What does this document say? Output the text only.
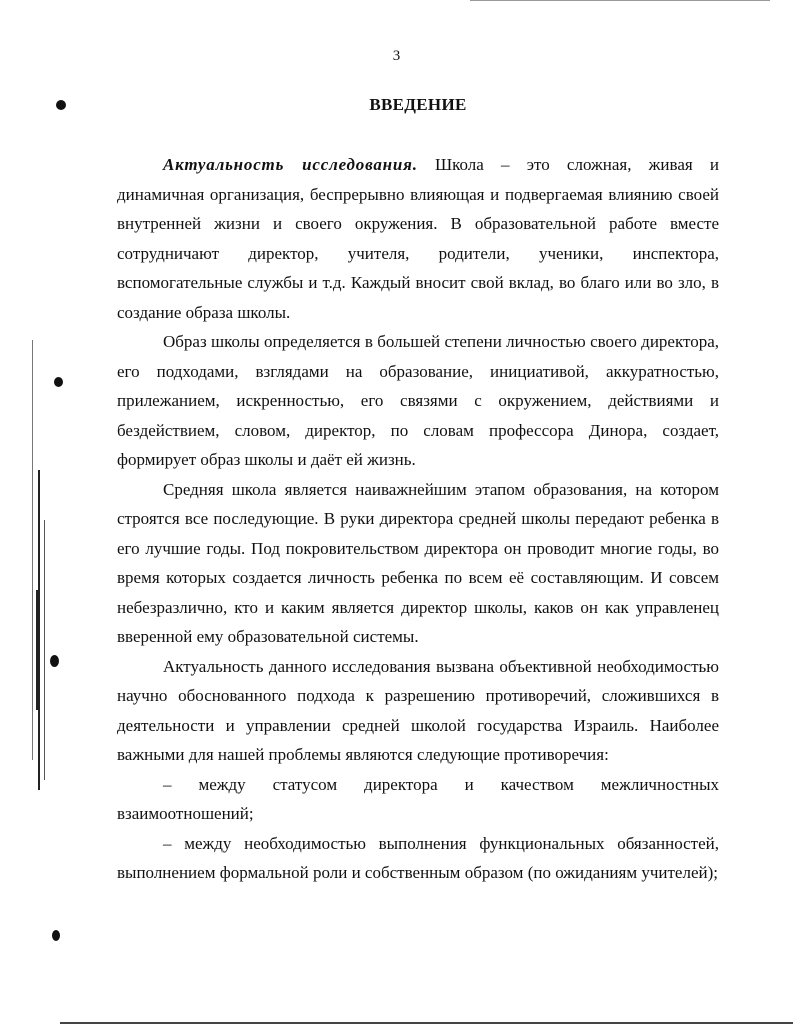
3
ВВЕДЕНИЕ

Актуальность исследования. Школа – это сложная, живая и динамичная организация, беспрерывно влияющая и подвергаемая влиянию своей внутренней жизни и своего окружения. В образовательной работе вместе сотрудничают директор, учителя, родители, ученики, инспектора, вспомогательные службы и т.д. Каждый вносит свой вклад, во благо или во зло, в создание образа школы.

Образ школы определяется в большей степени личностью своего директора, его подходами, взглядами на образование, инициативой, аккуратностью, прилежанием, искренностью, его связями с окружением, действиями и бездействием, словом, директор, по словам профессора Динора, создает, формирует образ школы и даёт ей жизнь.

Средняя школа является наиважнейшим этапом образования, на котором строятся все последующие. В руки директора средней школы передают ребенка в его лучшие годы. Под покровительством директора он проводит многие годы, во время которых создается личность ребенка по всем её составляющим. И совсем небезразлично, кто и каким является директор школы, каков он как управленец вверенной ему образовательной системы.

Актуальность данного исследования вызвана объективной необходимостью научно обоснованного подхода к разрешению противоречий, сложившихся в деятельности и управлении средней школой государства Израиль. Наиболее важными для нашей проблемы являются следующие противоречия:

– между статусом директора и качеством межличностных взаимоотношений;

– между необходимостью выполнения функциональных обязанностей, выполнением формальной роли и собственным образом (по ожиданиям учителей);
